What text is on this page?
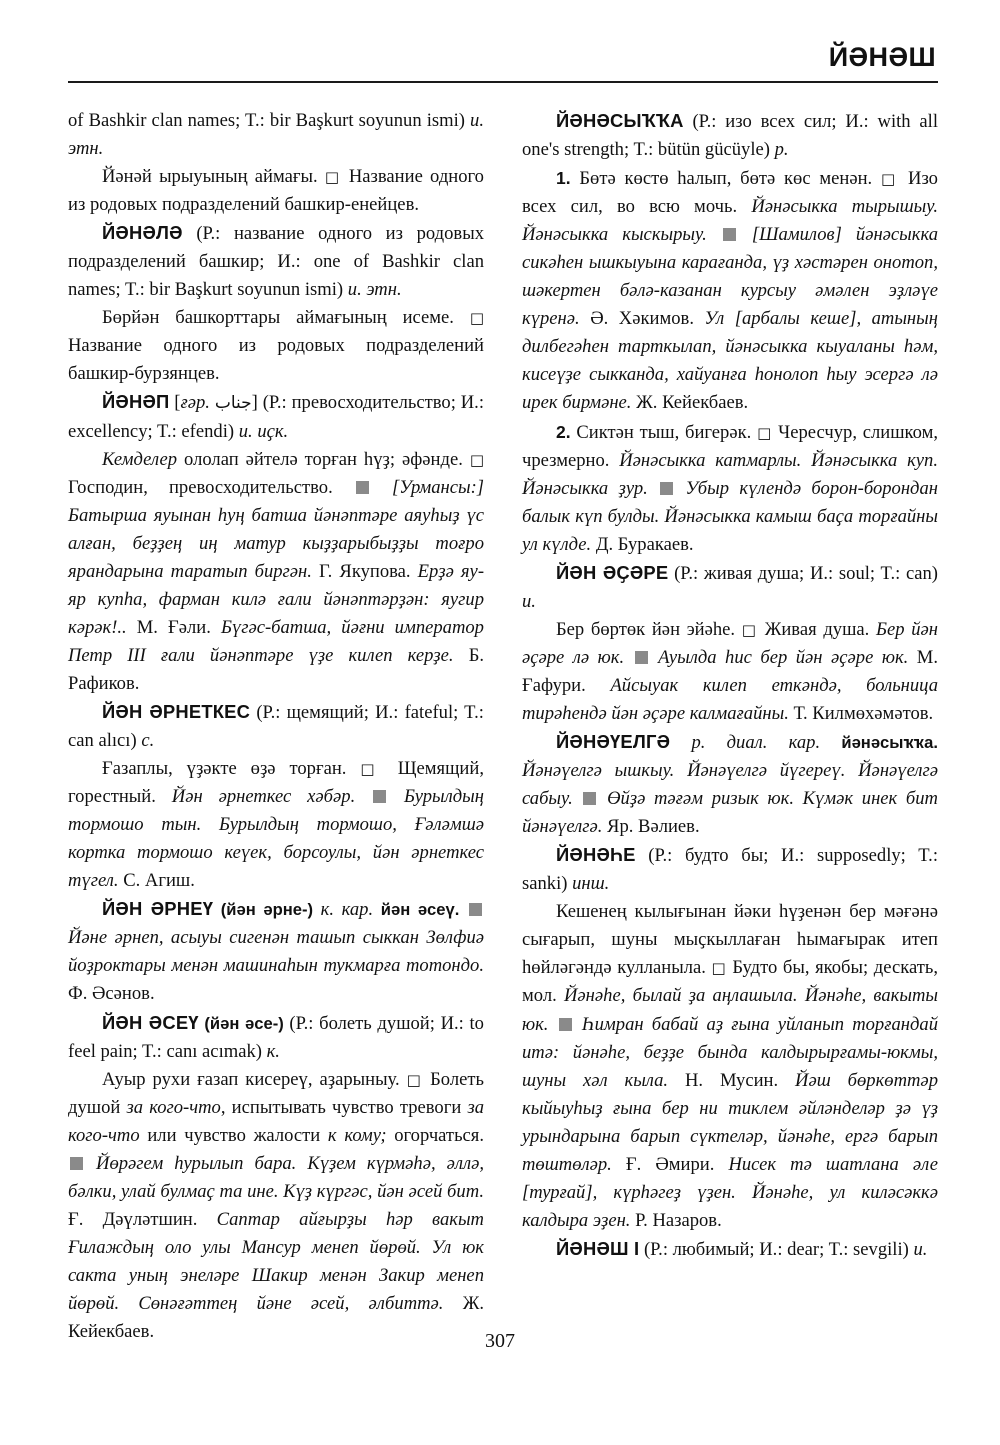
ЙӘНӘШ

of Bashkir clan names; T.: bir Başkurt soyunun ismi) и. этн.

Йәнәй ырыуының аймағы. □ Название одного из родовых подразделений башкир-енейцев.

ЙӘНӘЛӘ (Р.: название одного из родовых подразделений башкир; И.: one of Bashkir clan names; T.: bir Başkurt soyunun ismi) и. этн.

Бөрйән башкорттары аймағының исеме. □ Название одного из родовых подразделений башкир-бурзянцев.

ЙӘНӘП [ғәр. جناب] (Р.: превосходительство; И.: excellency; T.: efendi) и. иҫк.

Кемделер ололап әйтелә торған һүҙ; әфәнде. □ Господин, превосходительство.	[Урмансы:] Батырша яуынан һуң батша йәнәптәре аяуһыҙ үс алған, беҙҙең иң матур кыҙҙарыбыҙҙы тоғро ярандарына таратып биргән. Г. Якупова. Ерҙә яу-яр купһа, фарман килә ғали йәнәптәрҙән: яугир кәрәк!.. М. Ғәли. Бүгәс-батша, йәғни император Петр III ғали йәнәптәре үҙе килеп керҙе. Б. Рафиков.

ЙӘН ӘРНЕТКЕС (Р.: щемящий; И.: fateful; T.: can alıcı) с.

Ғазаплы, үҙәкте өҙә торған. □ Щемящий, горестный. Йән әрнеткес хәбәр.	Бурылдың тормошо тын. Бурылдың тормошо, Ғәләмшә кортка тормошо кеүек, борсоулы, йән әрнеткес түгел. С. Агиш.

ЙӘН ӘРНЕҮ (йән әрне-) к. кар. йән әсеү.  Йәне әрнеп, асыуы сигенән ташып сыккан Зөлфиә йоҙроктары менән машинаһын тукмарға тотондо. Ф. Әсәнов.

ЙӘН ӘСЕҮ (йән әсе-) (Р.: болеть душой; И.: to feel pain; T.: canı acımak) к.

Ауыр рухи ғазап кисереү, аҙарыныу. □ Болеть душой за кого-что, испытывать чувство тревоги за кого-что или чувство жалости к кому; огорчаться.  Йөрәгем һурылып бара. Күҙем күрмәһә, әллә, бәлки, улай булмаҫ та ине. Күҙ күргәс, йән әсей бит. Ғ. Дәүләтшин. Саптар айғырҙы һәр вакыт Ғилаждың оло улы Мансур менеп йөрөй. Ул юк сакта уның энеләре Шакир менән Закир менеп йөрөй. Сөнәғәттең йәне әсей, әлбиттә. Ж. Кейекбаев.

ЙӘНӘСЫҠҠА (Р.: изо всех сил; И.: with all one's strength; T.: bütün gücüyle) р.

1. Бөтә көстө һалып, бөтә көс менән. □ Изо всех сил, во всю мочь. Йәнәсыкка тырышыу. Йәнәсыкка кыскырыу. [Шамилов] йәнәсыкка сикәһен ышкыуына карағанда, үҙ хәстәрен онотоп, шәкертен бәлә-казанан курсыу әмәлен эҙләүе күренә. Ә. Хәкимов. Ул [арбалы кеше], атының дилбегәһен тарткылап, йәнәсыкка кыуаланы һәм, кисеүҙе сыкканда, хайуанға һонолоп һыу эсергә лә ирек бирмәне. Ж. Кейекбаев.

2. Сиктән тыш, бигерәк. □ Чересчур, слишком, чрезмерно. Йәнәсыкка катмарлы. Йәнәсыкка куп. Йәнәсыкка ҙур. Убыр күлендә борон-борондан балык күп булды. Йәнәсыкка камыш баҫа торғайны ул күлде. Д. Буракаев.

ЙӘН ӘҪӘРЕ (Р.: живая душа; И.: soul; T.: can) и.

Бер бөртөк йән эйәһе. □ Живая душа. Бер йән әҫәре лә юк. Ауылда һис бер йән әҫәре юк. М. Ғафури. Айсыуак килеп еткәндә, больница тирәһендә йән әҫәре калмағайны. Т. Килмөхәмәтов.

ЙӘНӘҮЕЛГӘ р. диал. кар. йәнәсыҡҡа. Йәнәүелгә ышкыу. Йәнәүелгә йүгереү. Йәнәүелгә сабыу. Өйҙә тәғәм ризык юк. Күмәк инек бит йәнәүелгә. Яр. Вәлиев.

ЙӘНӘҺЕ (Р.: будто бы; И.: supposedly; T.: sanki) инш.

Кешенең кылығынан йәки һүҙенән бер мәғәнә сығарып, шуны мыҫкыллаған һымағырак итеп һөйләгәндә кулланыла. □ Будто бы, якобы; дескать, мол. Йәнәһе, былай ҙа аңлашыла. Йәнәһе, вакыты юк. Һимран бабай аҙ ғына уйланып торғандай итә: йәнәһе, беҙҙе бында калдырырғамы-юкмы, шуны хәл кыла. Н. Мусин. Йәш бөркөттәр кыйыуһыҙ ғына бер ни тиклем әйләнделәр ҙә үҙ урындарына барып сүктеләр, йәнәһе, ергә барып төштөләр. Ғ. Әмири. Нисек тә шатлана әле [турғай], күрһәгеҙ үҙен. Йәнәһе, ул киләсәккә калдыра эҙен. Р. Назаров.

ЙӘНӘШ I (Р.: любимый; И.: dear; T.: sevgili) и.

307
